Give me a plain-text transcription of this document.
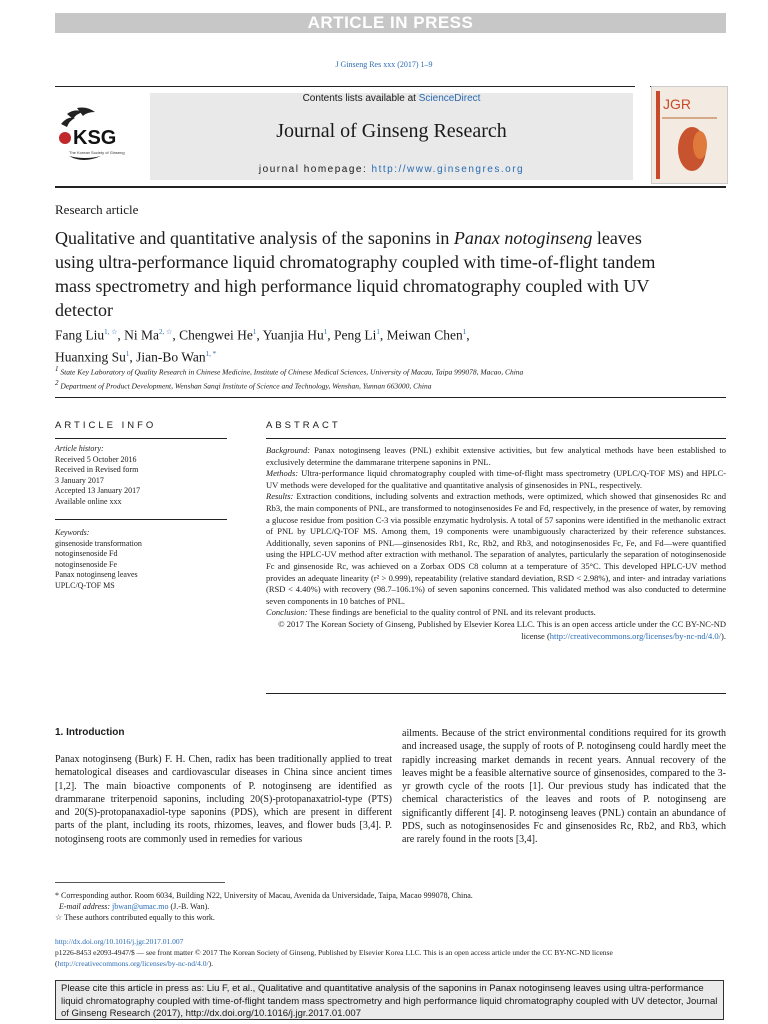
ARTICLE IN PRESS
J Ginseng Res xxx (2017) 1–9
KSG
The Korean Society of Ginseng
Contents lists available at ScienceDirect
Journal of Ginseng Research
journal homepage: http://www.ginsengres.org
JGR
Research article
Qualitative and quantitative analysis of the saponins in Panax notoginseng leaves using ultra-performance liquid chromatography coupled with time-of-flight tandem mass spectrometry and high performance liquid chromatography coupled with UV detector
Fang Liu$^{1, ☆}$, Ni $Ma^{2, ☆}$, Chengwei He$^1$, Yuanjia Hu$^1$, Peng Li$^1$, Meiwan Chen$^1$,
Huanxing Su$^1$, Jian-Bo Wan$^{1, *}$
$^1$ State Key Laboratory of Quality Research in Chinese Medicine, Institute of Chinese Medical Sciences, University of Macau, Taipa 999078, Macao, China
$^2$ Department of Product Development, Wenshan Sanqi Institute of Science and Technology, Wenshan, Yunnan 663000, China
ARTICLE INFO	ABSTRACT
Article history:
Received 5 October 2016
Received in Revised form
3 January 2017
Accepted 13 January 2017
Available online xxx
Keywords:
ginsenoside transformation
notoginsenoside Fd
notoginsenoside Fe
Panax notoginseng leaves
UPLC/Q-TOF MS
Background: Panax notoginseng leaves (PNL) exhibit extensive activities, but few analytical methods have been established to exclusively determine the dammarane triterpene saponins in PNL.
Methods: Ultra-performance liquid chromatography coupled with time-of-flight mass spectrometry (UPLC/Q-TOF MS) and HPLC-UV methods were developed for the qualitative and quantitative analysis of ginsenosides in PNL, respectively.
Results: Extraction conditions, including solvents and extraction methods, were optimized, which showed that ginsenosides Rc and Rb3, the main components of PNL, are transformed to notoginsenosides Fe and Fd, respectively, in the presence of water, by removing a glucose residue from position C-3 via possible enzymatic hydrolysis. A total of 57 saponins were identified in the methanolic extract of PNL by UPLC/Q-TOF MS. Among them, 19 components were unambiguously characterized by their reference substances. Additionally, seven saponins of PNL—ginsenosides Rb1, Rc, Rb2, and Rb3, and notoginsenosides Fc, Fe, and Fd—were quantified using the HPLC-UV method after extraction with methanol. The separation of analytes, particularly the separation of notoginsenoside Fc and ginsenoside Rc, was achieved on a Zorbax ODS C8 column at a temperature of 35°C. This developed HPLC-UV method provides an adequate linearity (r² > 0.999), repeatability (relative standard deviation, RSD < 2.98%), and inter- and intraday variations (RSD < 4.40%) with recovery (98.7–106.1%) of seven saponins concerned. This validated method was also conducted to determine seven components in 10 batches of PNL.
Conclusion: These findings are beneficial to the quality control of PNL and its relevant products.
© 2017 The Korean Society of Ginseng, Published by Elsevier Korea LLC. This is an open access article under the CC BY-NC-ND license (http://creativecommons.org/licenses/by-nc-nd/4.0/).
1. Introduction
Panax notoginseng (Burk) F. H. Chen, radix has been traditionally applied to treat hematological diseases and cardiovascular diseases in China since ancient times [1,2]. The main bioactive components of P. notoginseng are identified as drammarane triterpenoid saponins, including 20(S)-protopanaxatriol-type (PTS) and 20(S)-protopanaxadiol-type saponins (PDS), which are present in different parts of the plant, including its roots, rhizomes, leaves, and flower buds [3,4]. P. notoginseng roots are commonly used in remedies for various
ailments. Because of the strict environmental conditions required for its growth and increased usage, the supply of roots of P. notoginseng could hardly meet the rapidly increasing market demands in recent years. Annual recovery of the leaves might be a feasible alternative source of ginsenosides, compared to the 3-yr growth cycle of the roots [1]. Our previous study has indicated that the chemical characteristics of the leaves and roots of P. notoginseng are significantly different [4]. P. notoginseng leaves (PNL) contain an abundance of PDS, such as notoginsenosides Fc and ginsenosides Rc, Rb2, and Rb3, which are rarely found in the roots [3,4].
* Corresponding author. Room 6034, Building N22, University of Macau, Avenida da Universidade, Taipa, Macao 999078, China.
E-mail address: jbwan@umac.mo (J.-B. Wan).
☆ These authors contributed equally to this work.
http://dx.doi.org/10.1016/j.jgr.2017.01.007
p1226-8453 e2093-4947/$ — see front matter © 2017 The Korean Society of Ginseng, Published by Elsevier Korea LLC. This is an open access article under the CC BY-NC-ND license (http://creativecommons.org/licenses/by-nc-nd/4.0/).
Please cite this article in press as: Liu F, et al., Qualitative and quantitative analysis of the saponins in Panax notoginseng leaves using ultra-performance liquid chromatography coupled with time-of-flight tandem mass spectrometry and high performance liquid chromatography coupled with UV detector, Journal of Ginseng Research (2017), http://dx.doi.org/10.1016/j.jgr.2017.01.007
